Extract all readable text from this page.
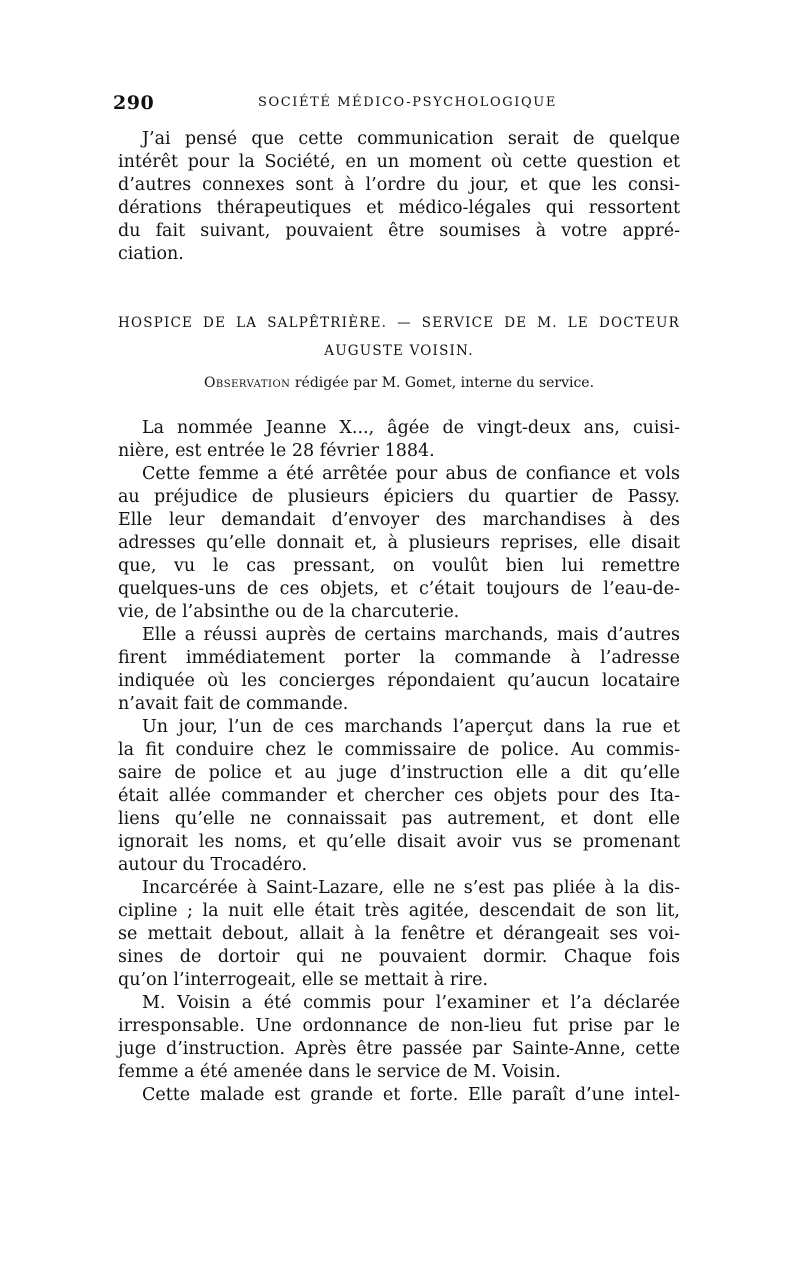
290	SOCIÉTÉ MÉDICO-PSYCHOLOGIQUE
J’ai pensé que cette communication serait de quelque
intérêt pour la Société, en un moment où cette question et
d’autres connexes sont à l’ordre du jour, et que les consi-
dérations thérapeutiques et médico-légales qui ressortent
du fait suivant, pouvaient être soumises à votre appré-
ciation.
HOSPICE DE LA SALPÊTRIÈRE. — SERVICE DE M. LE DOCTEUR
AUGUSTE VOISIN.
Observation rédigée par M. Gomet, interne du service.
La nommée Jeanne X..., âgée de vingt-deux ans, cuisi-
nière, est entrée le 28 février 1884.
Cette femme a été arrêtée pour abus de confiance et vols
au préjudice de plusieurs épiciers du quartier de Passy.
Elle leur demandait d’envoyer des marchandises à des
adresses qu’elle donnait et, à plusieurs reprises, elle disait
que, vu le cas pressant, on voulût bien lui remettre
quelques-uns de ces objets, et c’était toujours de l’eau-de-
vie, de l’absinthe ou de la charcuterie.
Elle a réussi auprès de certains marchands, mais d’autres
firent immédiatement porter la commande à l’adresse
indiquée où les concierges répondaient qu’aucun locataire
n’avait fait de commande.
Un jour, l’un de ces marchands l’aperçut dans la rue et
la fit conduire chez le commissaire de police. Au commis-
saire de police et au juge d’instruction elle a dit qu’elle
était allée commander et chercher ces objets pour des Ita-
liens qu’elle ne connaissait pas autrement, et dont elle
ignorait les noms, et qu’elle disait avoir vus se promenant
autour du Trocadéro.
Incarcérée à Saint-Lazare, elle ne s’est pas pliée à la dis-
cipline ; la nuit elle était très agitée, descendait de son lit,
se mettait debout, allait à la fenêtre et dérangeait ses voi-
sines de dortoir qui ne pouvaient dormir. Chaque fois
qu’on l’interrogeait, elle se mettait à rire.
M. Voisin a été commis pour l’examiner et l’a déclarée
irresponsable. Une ordonnance de non-lieu fut prise par le
juge d’instruction. Après être passée par Sainte-Anne, cette
femme a été amenée dans le service de M. Voisin.
Cette malade est grande et forte. Elle paraît d’une intel-
